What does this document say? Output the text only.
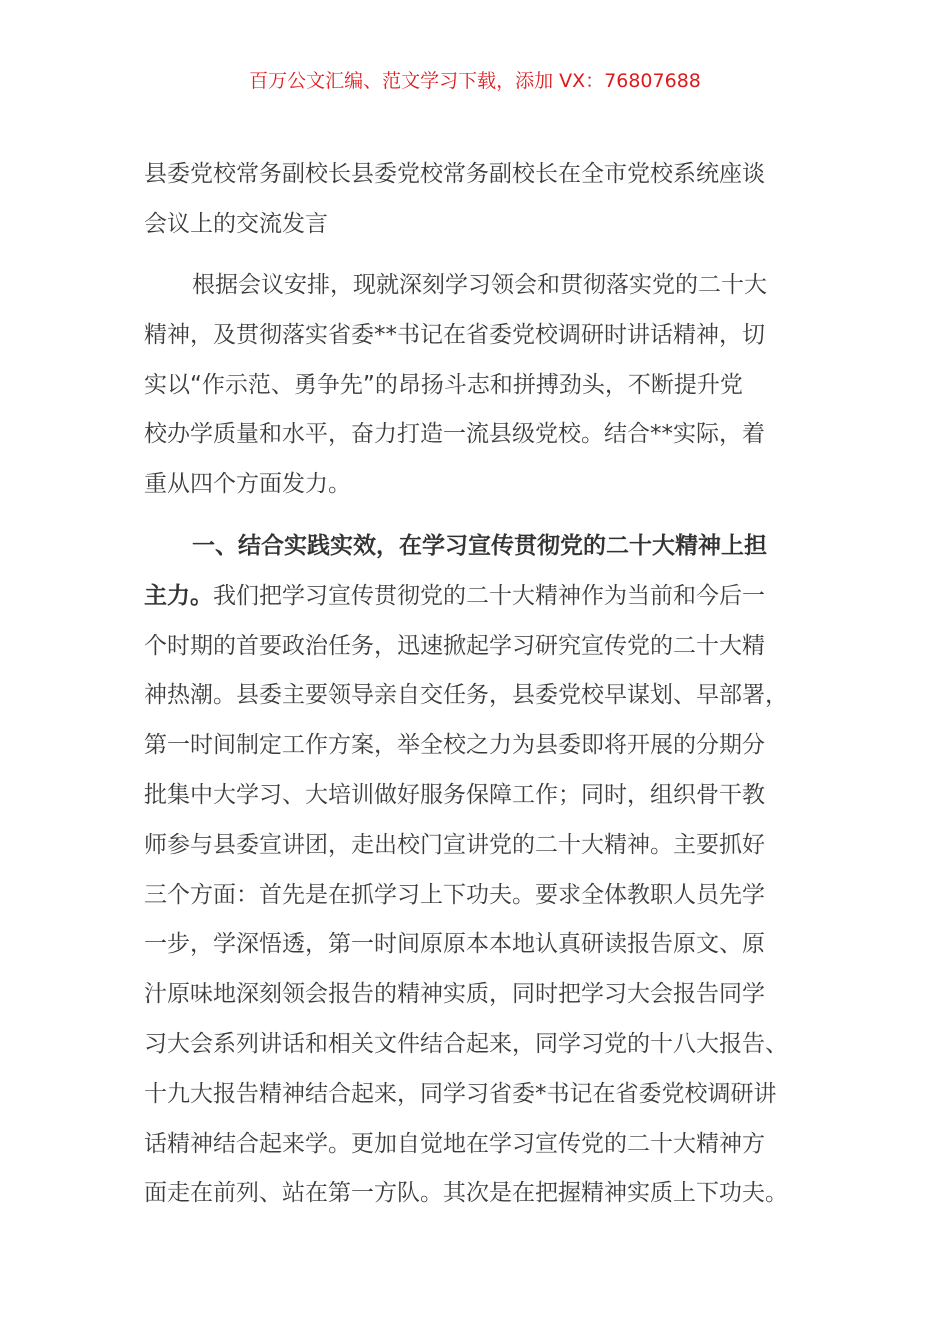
百万公文汇编、范文学习下载，添加 VX：76807688
县委党校常务副校长县委党校常务副校长在全市党校系统座谈
会议上的交流发言
根据会议安排，现就深刻学习领会和贯彻落实党的二十大
精神，及贯彻落实省委**书记在省委党校调研时讲话精神，切
实以“作示范、勇争先”的昂扬斗志和拼搏劲头，不断提升党
校办学质量和水平，奋力打造一流县级党校。结合**实际，着
重从四个方面发力。
一、结合实践实效，在学习宣传贯彻党的二十大精神上担
主力。我们把学习宣传贯彻党的二十大精神作为当前和今后一
个时期的首要政治任务，迅速掀起学习研究宣传党的二十大精
神热潮。县委主要领导亲自交任务，县委党校早谋划、早部署，
第一时间制定工作方案，举全校之力为县委即将开展的分期分
批集中大学习、大培训做好服务保障工作；同时，组织骨干教
师参与县委宣讲团，走出校门宣讲党的二十大精神。主要抓好
三个方面：首先是在抓学习上下功夫。要求全体教职人员先学
一步，学深悟透，第一时间原原本本地认真研读报告原文、原
汁原味地深刻领会报告的精神实质，同时把学习大会报告同学
习大会系列讲话和相关文件结合起来，同学习党的十八大报告、
十九大报告精神结合起来，同学习省委*书记在省委党校调研讲
话精神结合起来学。更加自觉地在学习宣传党的二十大精神方
面走在前列、站在第一方队。其次是在把握精神实质上下功夫。
